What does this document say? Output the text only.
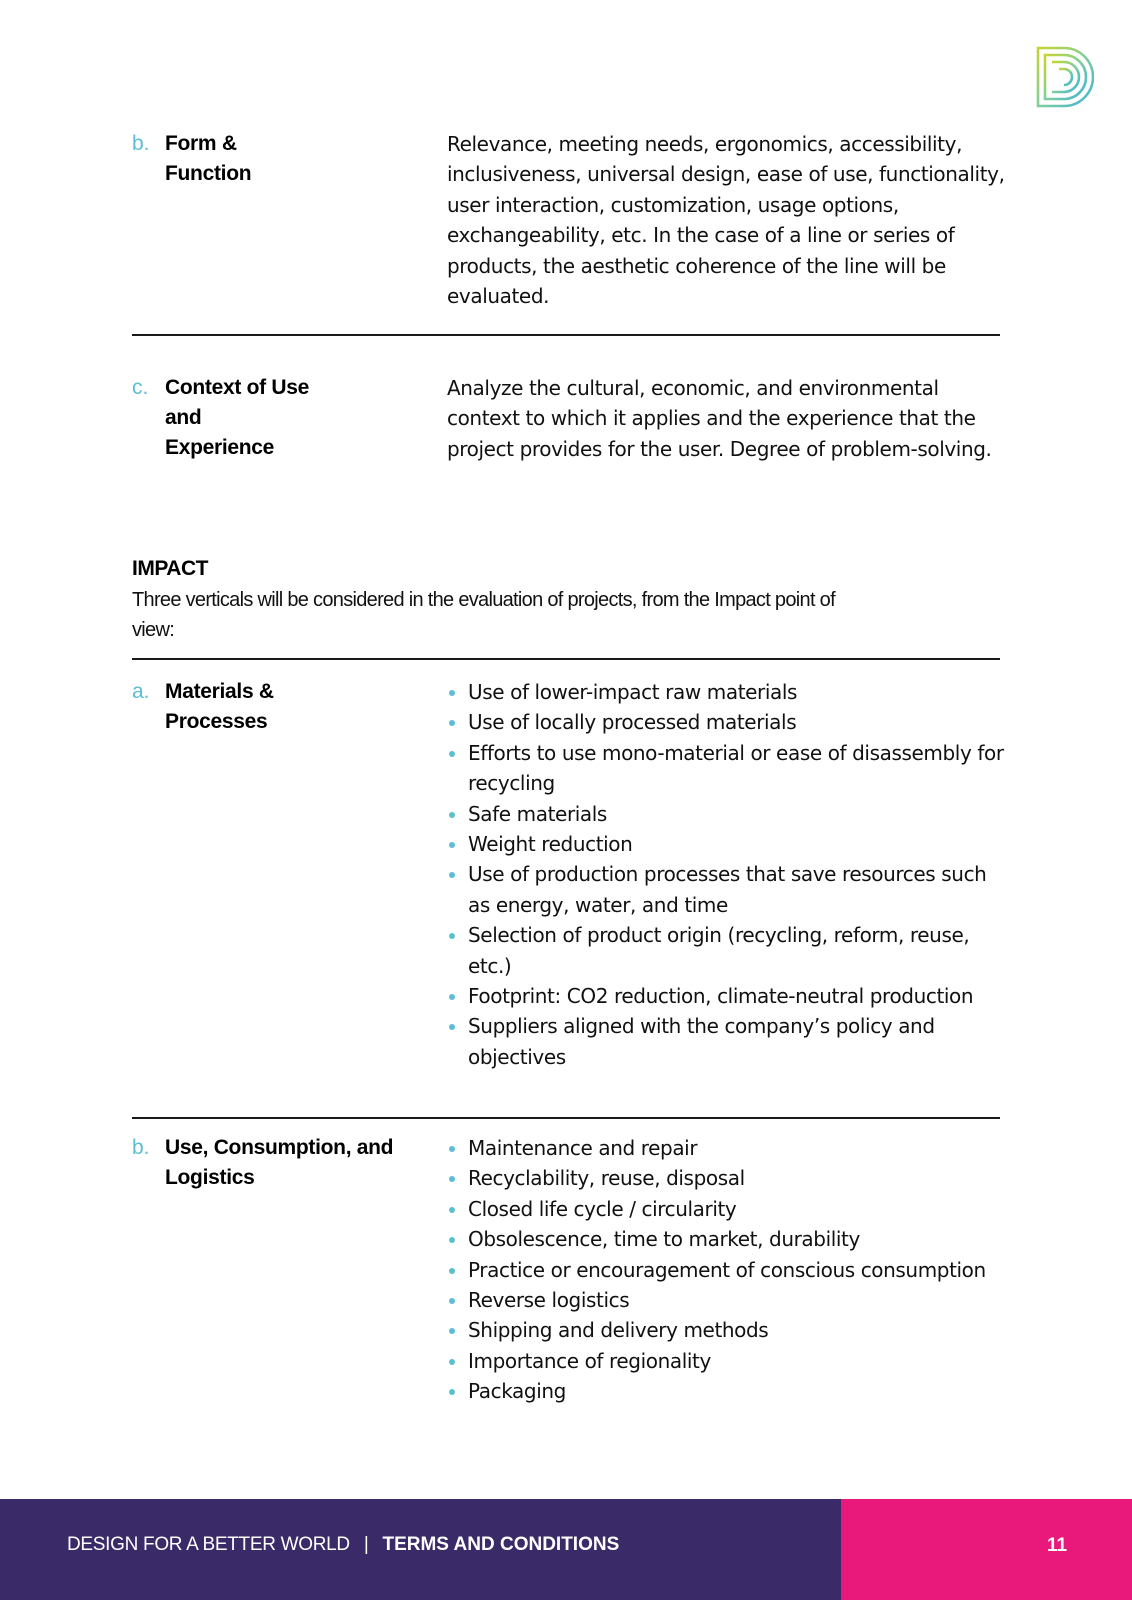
b. Form & Function
Relevance, meeting needs, ergonomics, accessibility, inclusiveness, universal design, ease of use, functionality, user interaction, customization, usage options, exchangeability, etc. In the case of a line or series of products, the aesthetic coherence of the line will be evaluated.
c. Context of Use and Experience
Analyze the cultural, economic, and environmental context to which it applies and the experience that the project provides for the user. Degree of problem-solving.
IMPACT
Three verticals will be considered in the evaluation of projects, from the Impact point of view:
a. Materials & Processes
Use of lower-impact raw materials
Use of locally processed materials
Efforts to use mono-material or ease of disassembly for recycling
Safe materials
Weight reduction
Use of production processes that save resources such as energy, water, and time
Selection of product origin (recycling, reform, reuse, etc.)
Footprint: CO2 reduction, climate-neutral production
Suppliers aligned with the company’s policy and objectives
b. Use, Consumption, and Logistics
Maintenance and repair
Recyclability, reuse, disposal
Closed life cycle / circularity
Obsolescence, time to market, durability
Practice or encouragement of conscious consumption
Reverse logistics
Shipping and delivery methods
Importance of regionality
Packaging
DESIGN FOR A BETTER WORLD | TERMS AND CONDITIONS	11
